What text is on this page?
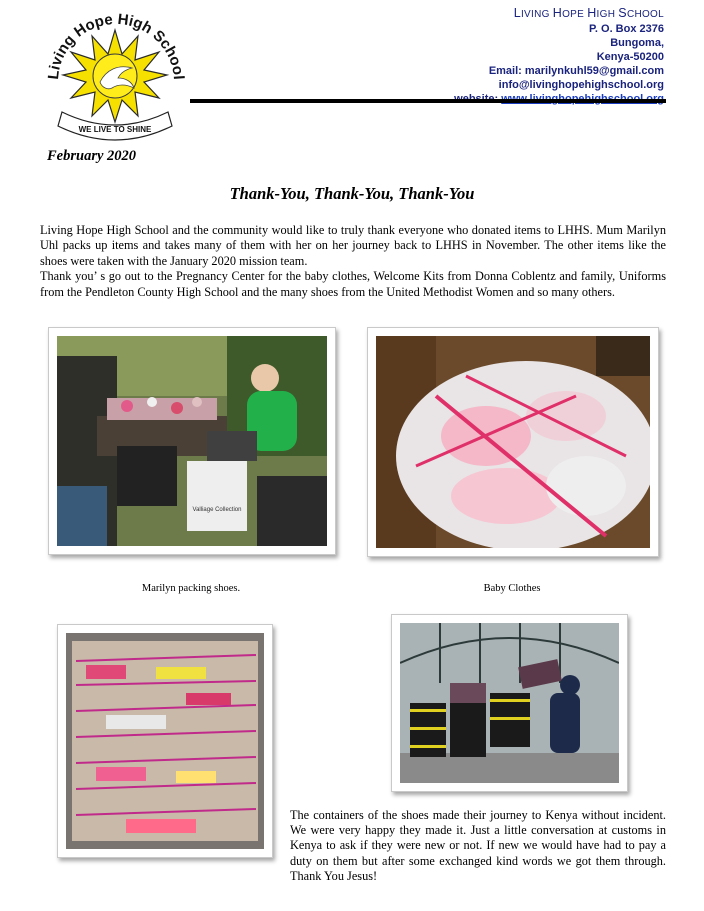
Living Hope High School
WE LIVE TO SHINE
LIVING HOPE HIGH SCHOOL
P. O. Box 2376
Bungoma,
Kenya-50200
Email: marilynkuhl59@gmail.com
info@livinghopehighschool.org
February 2020
Thank-You, Thank-You, Thank-You

Living Hope High School and the community would like to truly thank everyone who donated items to LHHS. Mum Marilyn Uhl packs up items and takes many of them with her on her journey back to LHHS in November. The other items like the shoes were taken with the January 2020 mission team.

Thank you’ s go out to the Pregnancy Center for the baby clothes, Welcome Kits from Donna Coblentz and family, Uniforms from the Pendleton County High School and the many shoes from the United Methodist Women and so many others.

Valliage Collection
Marilyn packing shoes.	Baby Clothes
The containers of the shoes made their journey to Kenya without incident. We were very happy they made it. Just a little conversation at customs in Kenya to ask if they were new or not. If new we would have had to pay a duty on them but after some exchanged kind words we got them through. Thank You Jesus!
